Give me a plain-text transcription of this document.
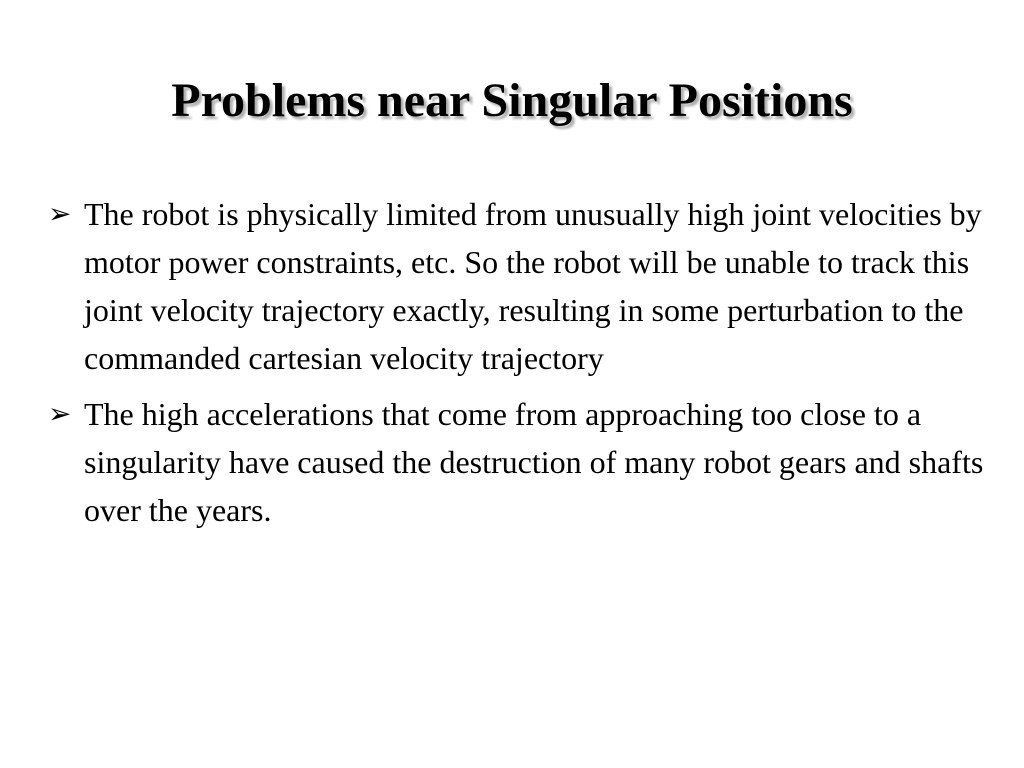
Problems near Singular Positions
➢ The robot is physically limited from unusually high joint velocities by motor power constraints, etc. So the robot will be unable to track this joint velocity trajectory exactly, resulting in some perturbation to the commanded cartesian velocity trajectory
➢ The high accelerations that come from approaching too close to a singularity have caused the destruction of many robot gears and shafts over the years.
